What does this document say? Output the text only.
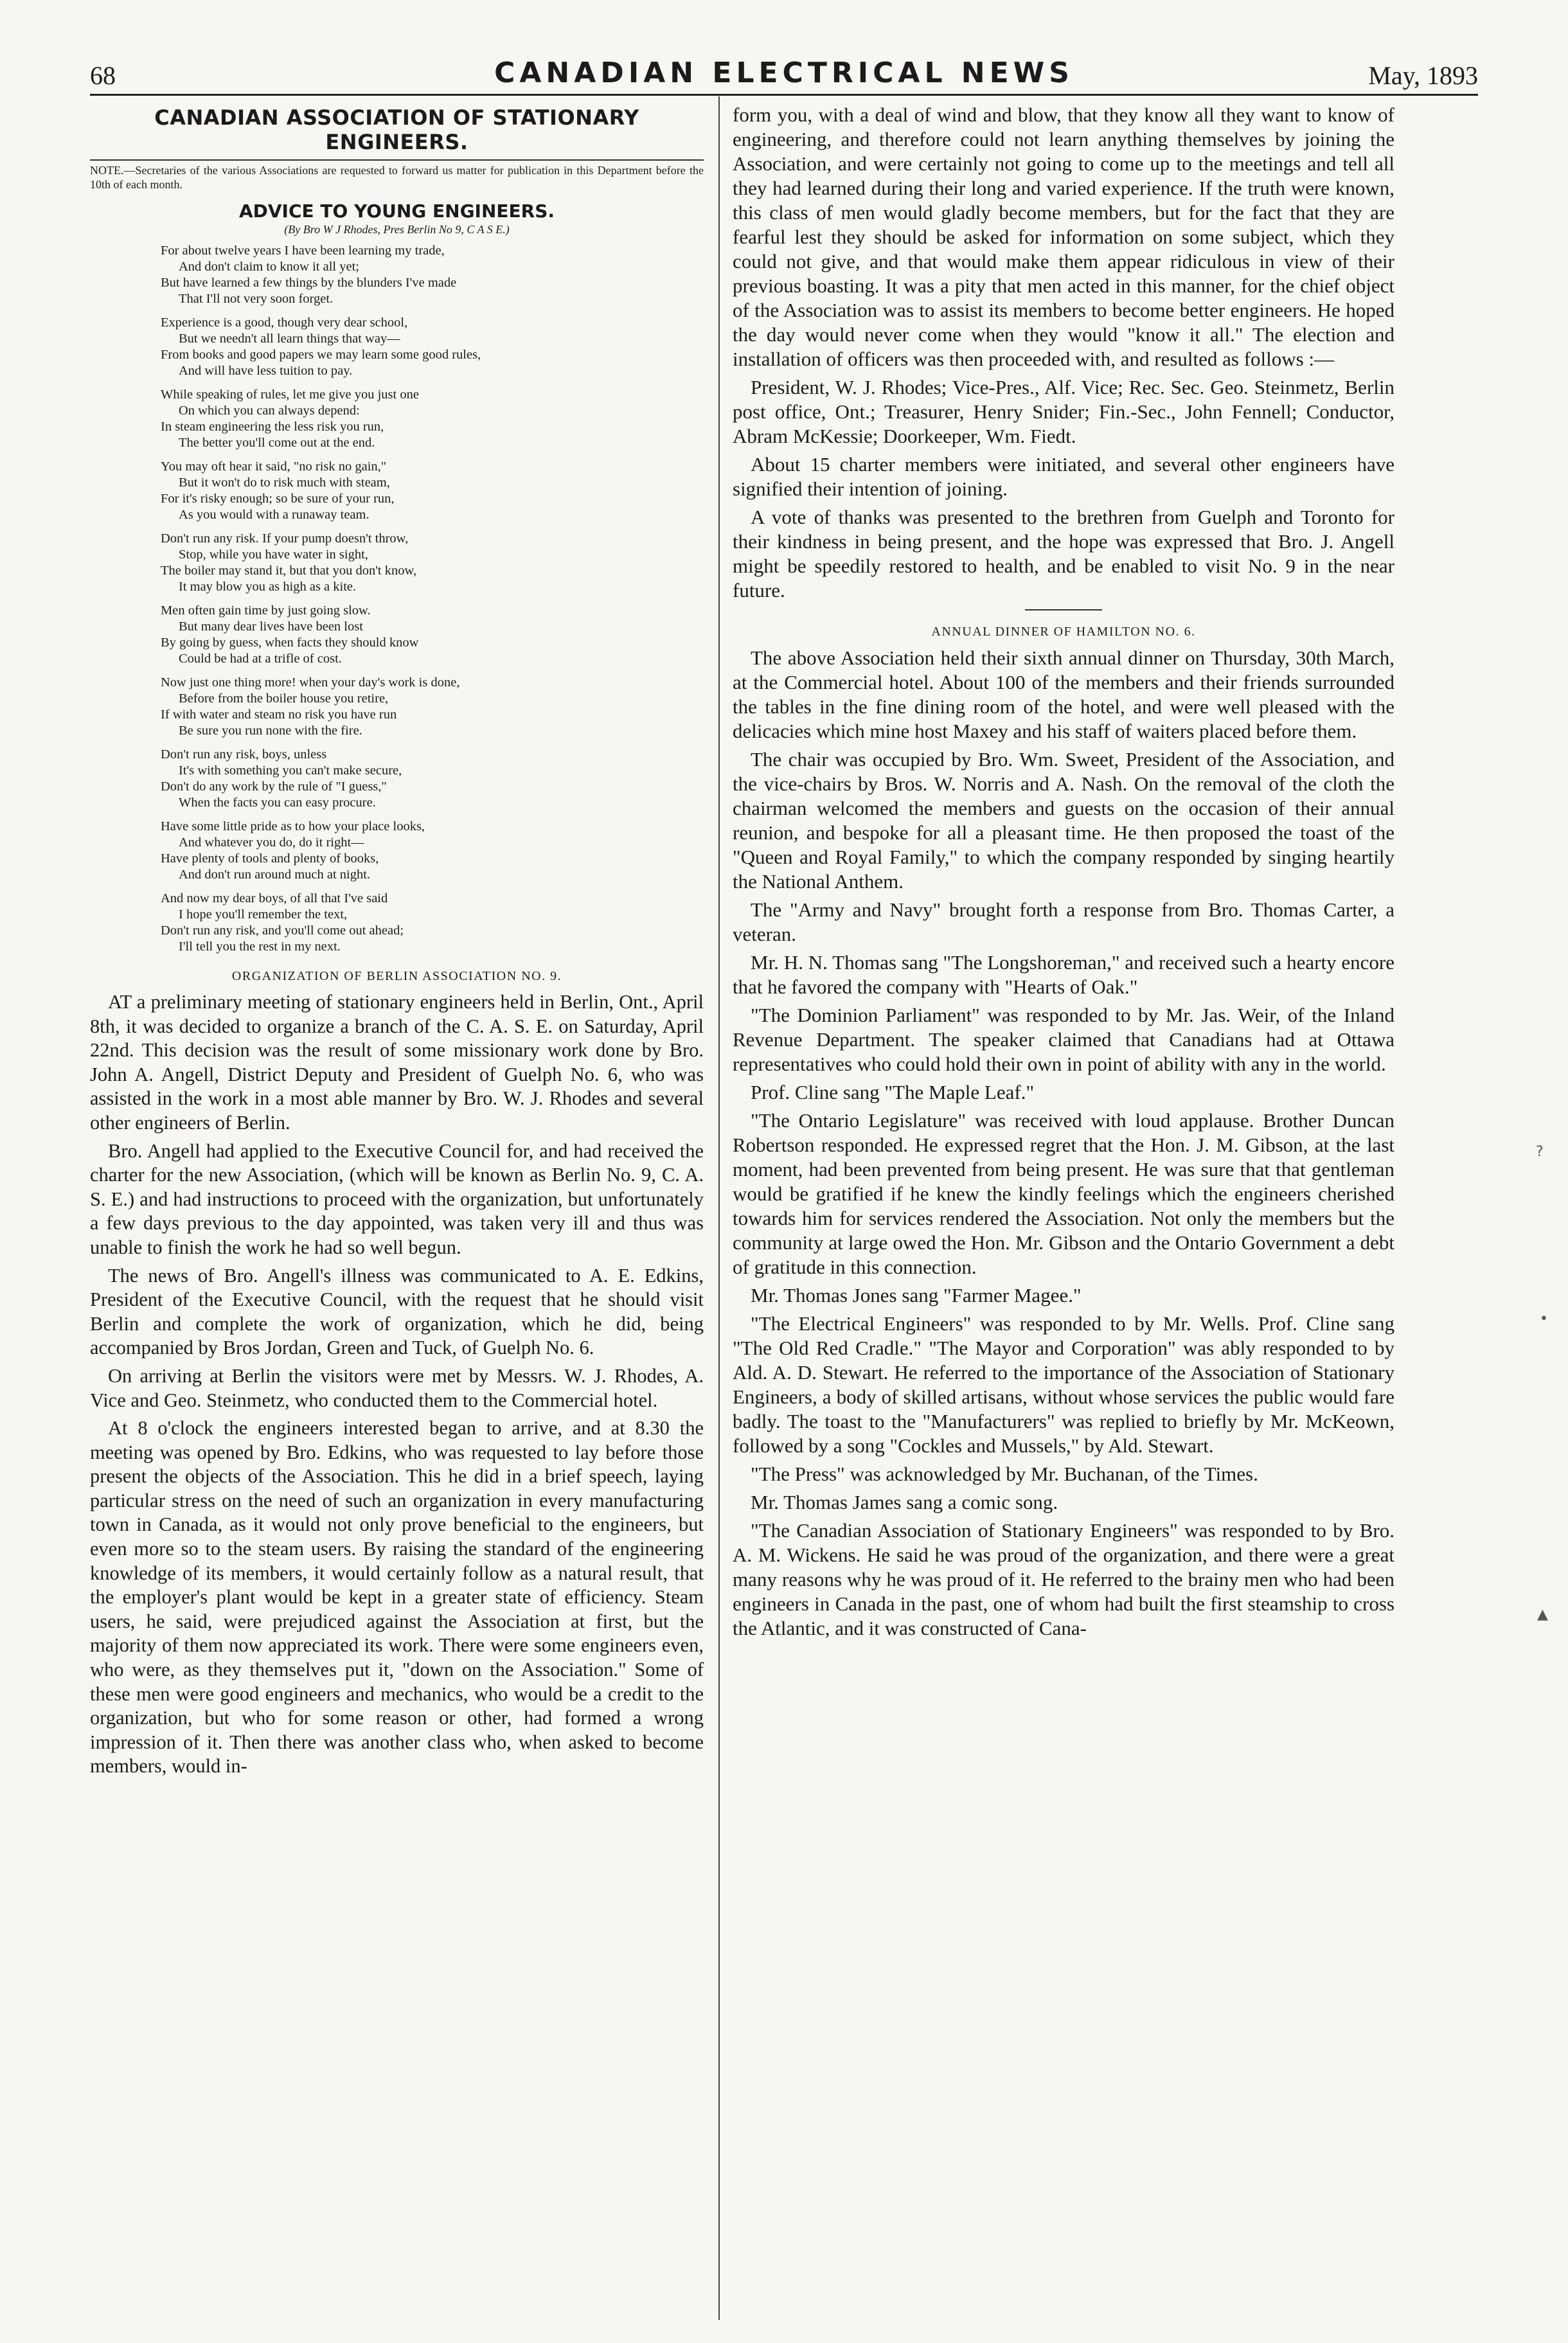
68	CANADIAN ELECTRICAL NEWS	May, 1893
CANADIAN ASSOCIATION OF STATIONARY ENGINEERS.
NOTE.—Secretaries of the various Associations are requested to forward us matter for publication in this Department before the 10th of each month.
ADVICE TO YOUNG ENGINEERS.
(By Bro W J Rhodes, Pres Berlin No 9, C A S E.)
For about twelve years I have been learning my trade,
And don't claim to know it all yet;
But have learned a few things by the blunders I've made
That I'll not very soon forget.
Experience is a good, though very dear school,
But we needn't all learn things that way—
From books and good papers we may learn some good rules,
And will have less tuition to pay.
While speaking of rules, let me give you just one
On which you can always depend:
In steam engineering the less risk you run,
The better you'll come out at the end.
You may oft hear it said, "no risk no gain,"
But it won't do to risk much with steam,
For it's risky enough; so be sure of your run,
As you would with a runaway team.
Don't run any risk. If your pump doesn't throw,
Stop, while you have water in sight,
The boiler may stand it, but that you don't know,
It may blow you as high as a kite.
Men often gain time by just going slow.
But many dear lives have been lost
By going by guess, when facts they should know
Could be had at a trifle of cost.
Now just one thing more! when your day's work is done,
Before from the boiler house you retire,
If with water and steam no risk you have run
Be sure you run none with the fire.
Don't run any risk, boys, unless
It's with something you can't make secure,
Don't do any work by the rule of "I guess,"
When the facts you can easy procure.
Have some little pride as to how your place looks,
And whatever you do, do it right—
Have plenty of tools and plenty of books,
And don't run around much at night.
And now my dear boys, of all that I've said
I hope you'll remember the text,
Don't run any risk, and you'll come out ahead;
I'll tell you the rest in my next.
ORGANIZATION OF BERLIN ASSOCIATION NO. 9.

AT a preliminary meeting of stationary engineers held in Berlin, Ont., April 8th, it was decided to organize a branch of the C. A. S. E. on Saturday, April 22nd. This decision was the result of some missionary work done by Bro. John A. Angell, District Deputy and President of Guelph No. 6, who was assisted in the work in a most able manner by Bro. W. J. Rhodes and several other engineers of Berlin.

Bro. Angell had applied to the Executive Council for, and had received the charter for the new Association, (which will be known as Berlin No. 9, C. A. S. E.) and had instructions to proceed with the organization, but unfortunately a few days previous to the day appointed, was taken very ill and thus was unable to finish the work he had so well begun.

The news of Bro. Angell's illness was communicated to A. E. Edkins, President of the Executive Council, with the request that he should visit Berlin and complete the work of organization, which he did, being accompanied by Bros Jordan, Green and Tuck, of Guelph No. 6.

On arriving at Berlin the visitors were met by Messrs. W. J. Rhodes, A. Vice and Geo. Steinmetz, who conducted them to the Commercial hotel.

At 8 o'clock the engineers interested began to arrive, and at 8.30 the meeting was opened by Bro. Edkins, who was requested to lay before those present the objects of the Association. This he did in a brief speech, laying particular stress on the need of such an organization in every manufacturing town in Canada, as it would not only prove beneficial to the engineers, but even more so to the steam users. By raising the standard of the engineering knowledge of its members, it would certainly follow as a natural result, that the employer's plant would be kept in a greater state of efficiency. Steam users, he said, were prejudiced against the Association at first, but the majority of them now appreciated its work. There were some engineers even, who were, as they themselves put it, "down on the Association." Some of these men were good engineers and mechanics, who would be a credit to the organization, but who for some reason or other, had formed a wrong impression of it. Then there was another class who, when asked to become members, would in-

form you, with a deal of wind and blow, that they know all they want to know of engineering, and therefore could not learn anything themselves by joining the Association, and were certainly not going to come up to the meetings and tell all they had learned during their long and varied experience. If the truth were known, this class of men would gladly become members, but for the fact that they are fearful lest they should be asked for information on some subject, which they could not give, and that would make them appear ridiculous in view of their previous boasting. It was a pity that men acted in this manner, for the chief object of the Association was to assist its members to become better engineers. He hoped the day would never come when they would "know it all." The election and installation of officers was then proceeded with, and resulted as follows :—

President, W. J. Rhodes; Vice-Pres., Alf. Vice; Rec. Sec. Geo. Steinmetz, Berlin post office, Ont.; Treasurer, Henry Snider; Fin.-Sec., John Fennell; Conductor, Abram McKessie; Doorkeeper, Wm. Fiedt.

About 15 charter members were initiated, and several other engineers have signified their intention of joining.

A vote of thanks was presented to the brethren from Guelph and Toronto for their kindness in being present, and the hope was expressed that Bro. J. Angell might be speedily restored to health, and be enabled to visit No. 9 in the near future.

ANNUAL DINNER OF HAMILTON NO. 6.

The above Association held their sixth annual dinner on Thursday, 30th March, at the Commercial hotel. About 100 of the members and their friends surrounded the tables in the fine dining room of the hotel, and were well pleased with the delicacies which mine host Maxey and his staff of waiters placed before them.

The chair was occupied by Bro. Wm. Sweet, President of the Association, and the vice-chairs by Bros. W. Norris and A. Nash. On the removal of the cloth the chairman welcomed the members and guests on the occasion of their annual reunion, and bespoke for all a pleasant time. He then proposed the toast of the "Queen and Royal Family," to which the company responded by singing heartily the National Anthem.

The "Army and Navy" brought forth a response from Bro. Thomas Carter, a veteran.

Mr. H. N. Thomas sang "The Longshoreman," and received such a hearty encore that he favored the company with "Hearts of Oak."

"The Dominion Parliament" was responded to by Mr. Jas. Weir, of the Inland Revenue Department. The speaker claimed that Canadians had at Ottawa representatives who could hold their own in point of ability with any in the world.

Prof. Cline sang "The Maple Leaf."

"The Ontario Legislature" was received with loud applause. Brother Duncan Robertson responded. He expressed regret that the Hon. J. M. Gibson, at the last moment, had been prevented from being present. He was sure that that gentleman would be gratified if he knew the kindly feelings which the engineers cherished towards him for services rendered the Association. Not only the members but the community at large owed the Hon. Mr. Gibson and the Ontario Government a debt of gratitude in this connection.

Mr. Thomas Jones sang "Farmer Magee."

"The Electrical Engineers" was responded to by Mr. Wells. Prof. Cline sang "The Old Red Cradle." "The Mayor and Corporation" was ably responded to by Ald. A. D. Stewart. He referred to the importance of the Association of Stationary Engineers, a body of skilled artisans, without whose services the public would fare badly. The toast to the "Manufacturers" was replied to briefly by Mr. McKeown, followed by a song "Cockles and Mussels," by Ald. Stewart.

"The Press" was acknowledged by Mr. Buchanan, of the Times.

Mr. Thomas James sang a comic song.

"The Canadian Association of Stationary Engineers" was responded to by Bro. A. M. Wickens. He said he was proud of the organization, and there were a great many reasons why he was proud of it. He referred to the brainy men who had been engineers in Canada in the past, one of whom had built the first steamship to cross the Atlantic, and it was constructed of Cana-

?
•
▲
